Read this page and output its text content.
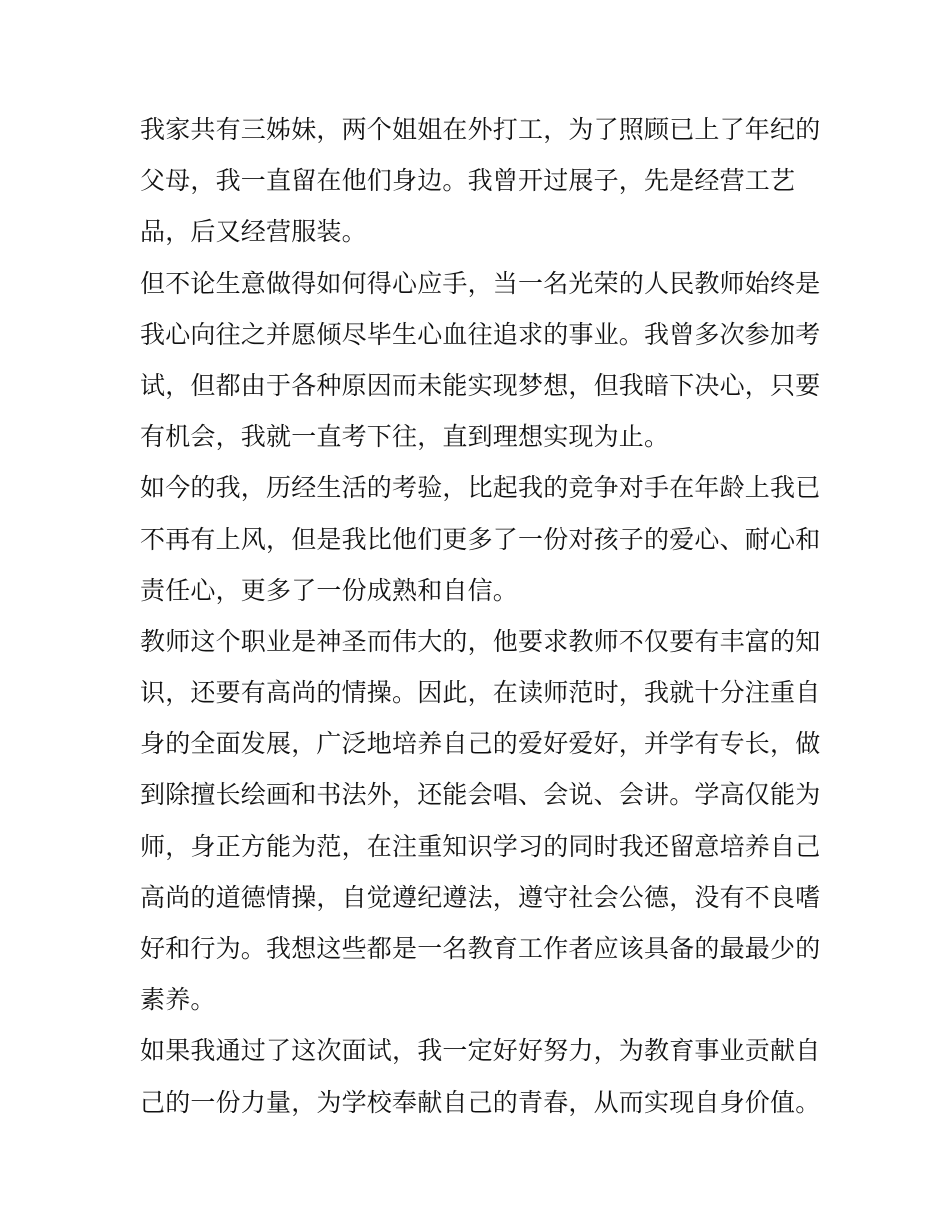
我家共有三姊妹，两个姐姐在外打工，为了照顾已上了年纪的
父母，我一直留在他们身边。我曾开过展子，先是经营工艺
品，后又经营服装。
但不论生意做得如何得心应手，当一名光荣的人民教师始终是
我心向往之并愿倾尽毕生心血往追求的事业。我曾多次参加考
试，但都由于各种原因而未能实现梦想，但我暗下决心，只要
有机会，我就一直考下往，直到理想实现为止。
如今的我，历经生活的考验，比起我的竞争对手在年龄上我已
不再有上风，但是我比他们更多了一份对孩子的爱心、耐心和
责任心，更多了一份成熟和自信。
教师这个职业是神圣而伟大的，他要求教师不仅要有丰富的知
识，还要有高尚的情操。因此，在读师范时，我就十分注重自
身的全面发展，广泛地培养自己的爱好爱好，并学有专长，做
到除擅长绘画和书法外，还能会唱、会说、会讲。学高仅能为
师，身正方能为范，在注重知识学习的同时我还留意培养自己
高尚的道德情操，自觉遵纪遵法，遵守社会公德，没有不良嗜
好和行为。我想这些都是一名教育工作者应该具备的最最少的
素养。
如果我通过了这次面试，我一定好好努力，为教育事业贡献自
己的一份力量，为学校奉献自己的青春，从而实现自身价值。
